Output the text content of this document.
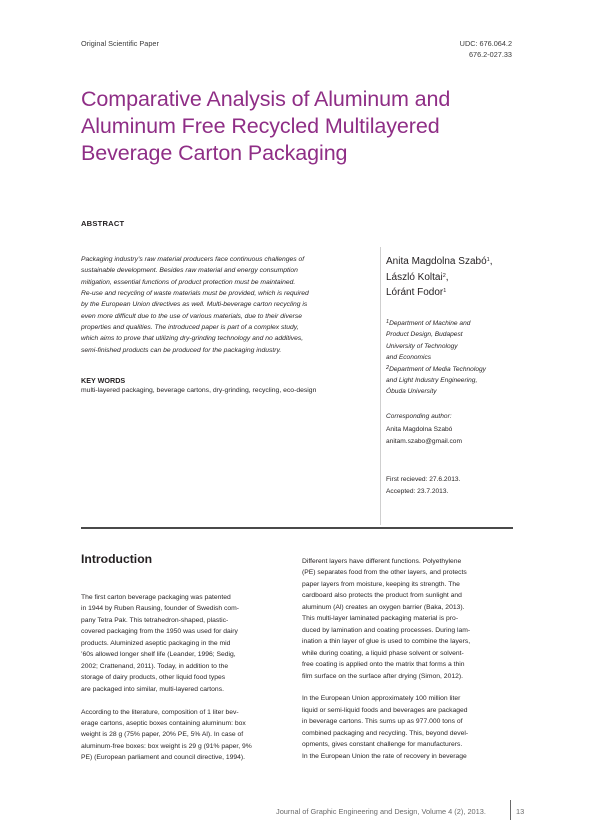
Original Scientific Paper	UDC: 676.064.2
676.2-027.33
Comparative Analysis of Aluminum and
Aluminum Free Recycled Multilayered
Beverage Carton Packaging
ABSTRACT

Packaging industry’s raw material producers face continuous challenges of
sustainable development. Besides raw material and energy consumption
mitigation, essential functions of product protection must be maintained.
Re-use and recycling of waste materials must be provided, which is required
by the European Union directives as well. Multi-beverage carton recycling is
even more difficult due to the use of various materials, due to their diverse
properties and qualities. The introduced paper is part of a complex study,
which aims to prove that utilizing dry-grinding technology and no additives,
semi-finished products can be produced for the packaging industry.

KEY WORDS
multi-layered packaging, beverage cartons, dry-grinding, recycling, eco-design
Anita Magdolna Szabó$^1$,
László Koltai$^2$,
Lóránt Fodor$^1$

$^1$Department of Machine and
Product Design, Budapest
University of Technology
and Economics
$^2$Department of Media Technology
and Light Industry Engineering,
Óbuda University

Corresponding author:
Anita Magdolna Szabó
anitam.szabo@gmail.com
First recieved: 27.6.2013.
Accepted: 23.7.2013.
Introduction

The first carton beverage packaging was patented
in 1944 by Ruben Rausing, founder of Swedish com-
pany Tetra Pak. This tetrahedron-shaped, plastic-
covered packaging from the 1950 was used for dairy
products. Aluminized aseptic packaging in the mid
’60s allowed longer shelf life (Leander, 1996; Sedig,
2002; Crattenand, 2011). Today, in addition to the
storage of dairy products, other liquid food types
are packaged into similar, multi-layered cartons.

According to the literature, composition of 1 liter bev-
erage cartons, aseptic boxes containing aluminum: box
weight is 28 g (75% paper, 20% PE, 5% Al). In case of
aluminum-free boxes: box weight is 29 g (91% paper, 9%
PE) (European parliament and council directive, 1994).

Different layers have different functions. Polyethylene
(PE) separates food from the other layers, and protects
paper layers from moisture, keeping its strength. The
cardboard also protects the product from sunlight and
aluminum (Al) creates an oxygen barrier (Baka, 2013).
This multi-layer laminated packaging material is pro-
duced by lamination and coating processes. During lam-
ination a thin layer of glue is used to combine the layers,
while during coating, a liquid phase solvent or solvent-
free coating is applied onto the matrix that forms a thin
film surface on the surface after drying (Simon, 2012).

In the European Union approximately 100 million liter
liquid or semi-liquid foods and beverages are packaged
in beverage cartons. This sums up as 977.000 tons of
combined packaging and recycling. This, beyond devel-
opments, gives constant challenge for manufacturers.
In the European Union the rate of recovery in beverage

Journal of Graphic Engineering and Design, Volume 4 (2), 2013.	13
